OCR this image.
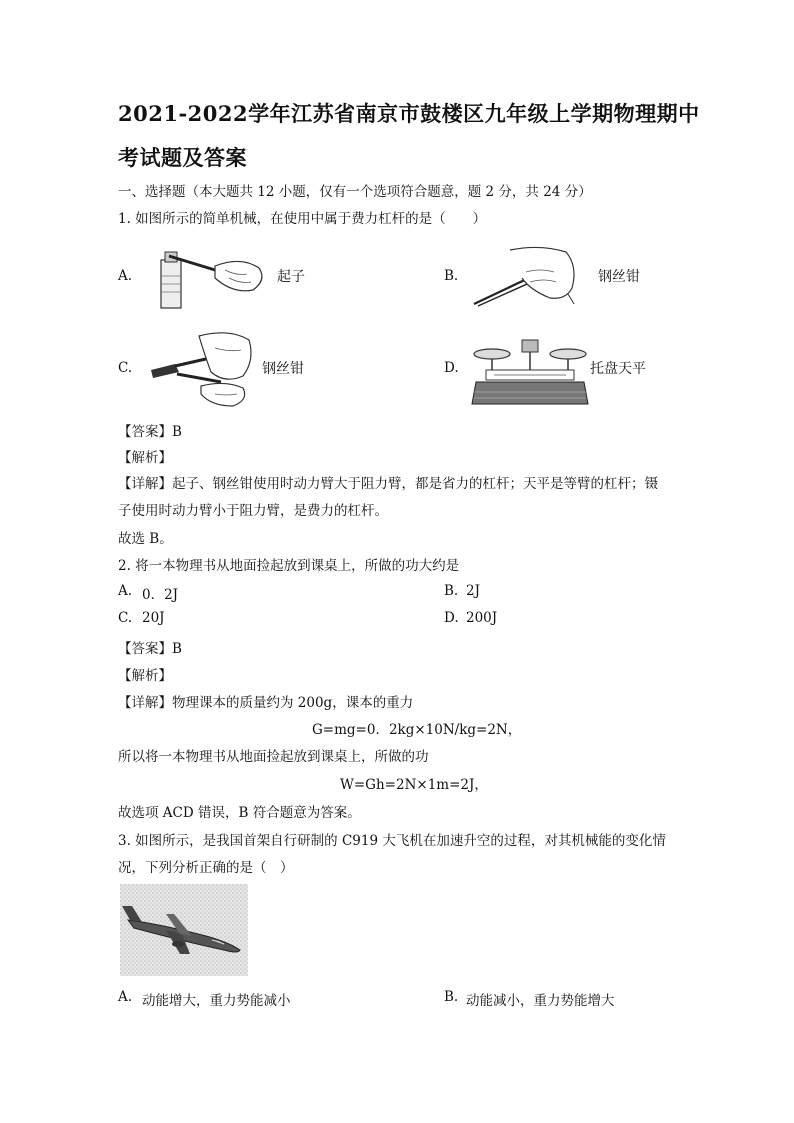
2021-2022学年江苏省南京市鼓楼区九年级上学期物理期中
考试题及答案
一、选择题（本大题共 12 小题，仅有一个选项符合题意，题 2 分，共 24 分）
1. 如图所示的简单机械，在使用中属于费力杠杆的是（　　）
A.	起子	B.	钢丝钳
C.	钢丝钳	D.	托盘天平
【答案】B
【解析】
【详解】起子、钢丝钳使用时动力臂大于阻力臂，都是省力的杠杆；天平是等臂的杠杆；镊
子使用时动力臂小于阻力臂，是费力的杠杆。
故选 B。
2. 将一本物理书从地面捡起放到课桌上，所做的功大约是
A. 0．2J	B. 2J
C. 20J	D. 200J
【答案】B
【解析】
【详解】物理课本的质量约为 200g，课本的重力
G=mg=0．2kg×10N/kg=2N，
所以将一本物理书从地面捡起放到课桌上，所做的功
W=Gh=2N×1m=2J，
故选项 ACD 错误，B 符合题意为答案。
3. 如图所示，是我国首架自行研制的 C919 大飞机在加速升空的过程，对其机械能的变化情
况，下列分析正确的是（　）
A. 动能增大，重力势能减小	B. 动能减小，重力势能增大
